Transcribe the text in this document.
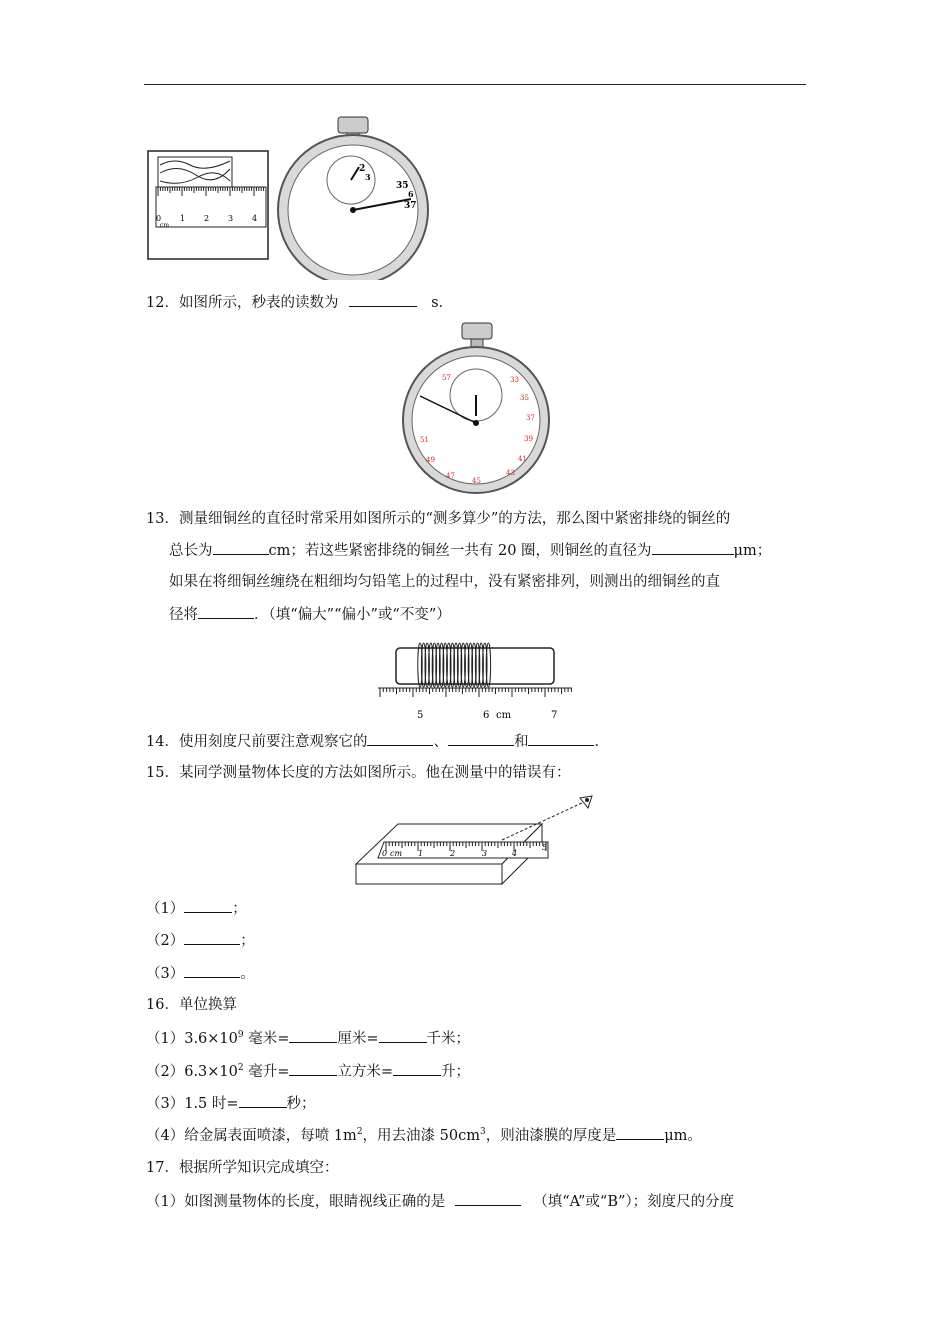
0 1 2 3 4
cm
2
3
35
6
37
12．如图所示，秒表的读数为	s．
57	33
35
37
51	39
49	41
43
47
45
13．测量细铜丝的直径时常采用如图所示的“测多算少”的方法，那么图中紧密排绕的铜丝的
总长为	cm；若这些紧密排绕的铜丝一共有 20 圈，则铜丝的直径为	μm；
如果在将细铜丝缠绕在粗细均匀铅笔上的过程中，没有紧密排列，则测出的细铜丝的直
径将	．（填“偏大”“偏小”或“不变”）
5	6 cm	7
14．使用刻度尺前要注意观察它的	、	和	．
15．某同学测量物体长度的方法如图所示。他在测量中的错误有：
0 cm 1	2	3	4
5
（1）	；
（2）	；
（3）	。
16．单位换算
$(1)3.6\times 10^9$ 毫米=	厘米=	千米；
$(2)6.3\times 10^2$ 毫升=	立方米=	升；
（3）1.5 时=	秒；
（4）给金属表面喷漆，每喷 $1m^2$，用去油漆 $50cm^3$，则油漆膜的厚度是	μm。
17．根据所学知识完成填空：
（1）如图测量物体的长度，眼睛视线正确的是	（填“A”或“B”）；刻度尺的分度
